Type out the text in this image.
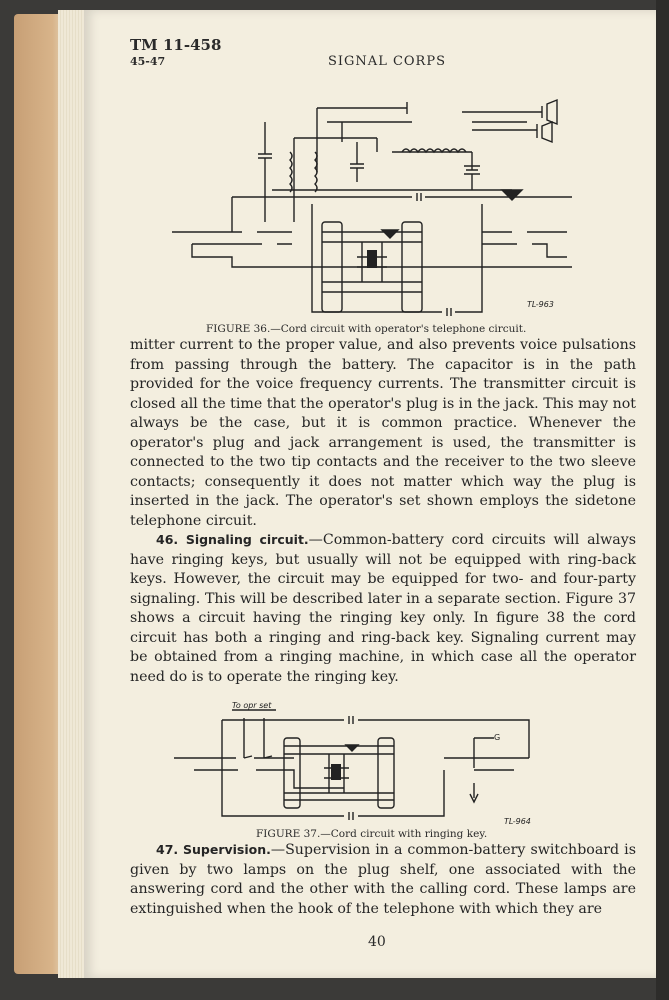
TM 11-458
45-47	SIGNAL CORPS
TL-963
FIGURE 36.—Cord circuit with operator's telephone circuit.
mitter current to the proper value, and also prevents voice pulsations from passing through the battery. The capacitor is in the path provided for the voice frequency currents. The transmitter circuit is closed all the time that the operator's plug is in the jack. This may not always be the case, but it is common practice. Whenever the operator's plug and jack arrangement is used, the transmitter is connected to the two tip contacts and the receiver to the two sleeve contacts; consequently it does not matter which way the plug is inserted in the jack. The operator's set shown employs the sidetone telephone circuit.
46. Signaling circuit.—Common-battery cord circuits will always have ringing keys, but usually will not be equipped with ring-back keys. However, the circuit may be equipped for two- and four-party signaling. This will be described later in a separate section. Figure 37 shows a circuit having the ringing key only. In figure 38 the cord circuit has both a ringing and ring-back key. Signaling current may be obtained from a ringing machine, in which case all the operator need do is to operate the ringing key.
To opr set
G
TL-964
FIGURE 37.—Cord circuit with ringing key.
47. Supervision.—Supervision in a common-battery switchboard is given by two lamps on the plug shelf, one associated with the answering cord and the other with the calling cord. These lamps are extinguished when the hook of the telephone with which they are
40
